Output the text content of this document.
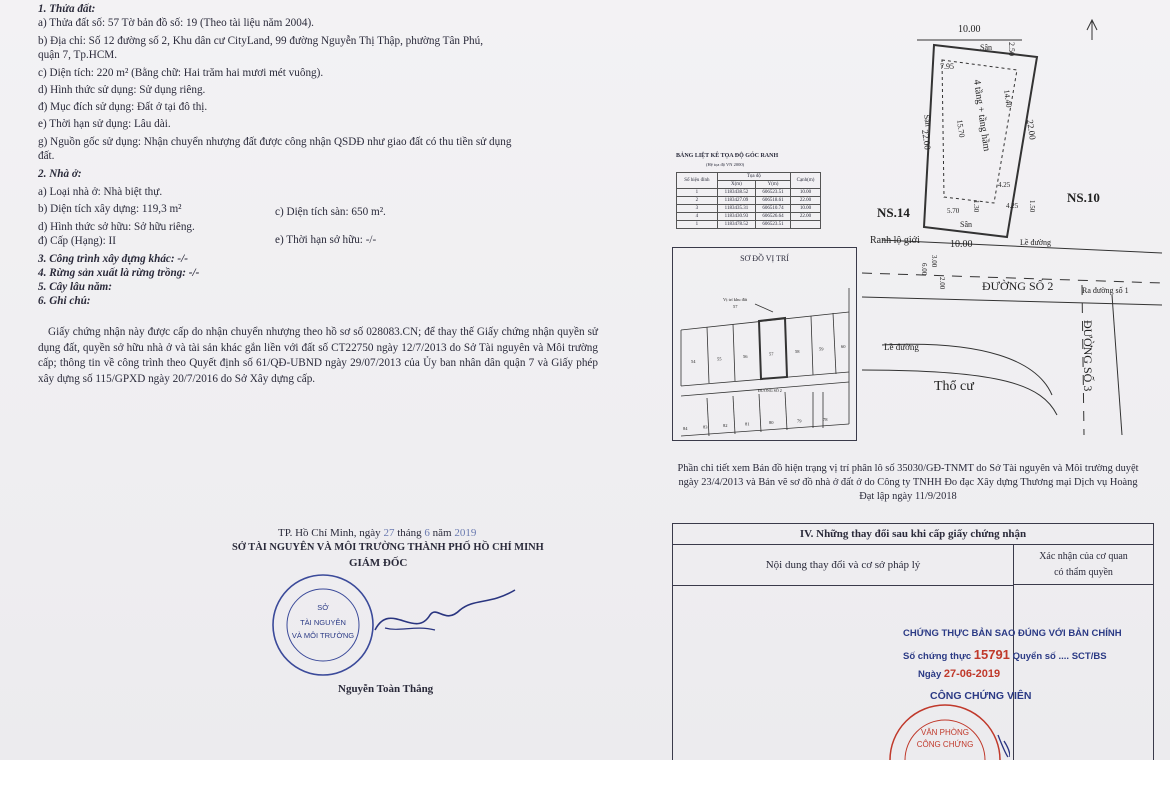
1. Thửa đất:
a) Thửa đất số: 57 Tờ bản đồ số: 19 (Theo tài liệu năm 2004).
b) Địa chỉ: Số 12 đường số 2, Khu dân cư CityLand, 99 đường Nguyễn Thị Thập, phường Tân Phú,
quận 7, Tp.HCM.
c) Diện tích: 220 m² (Bằng chữ: Hai trăm hai mươi mét vuông).
d) Hình thức sử dụng: Sử dụng riêng.
đ) Mục đích sử dụng: Đất ở tại đô thị.
e) Thời hạn sử dụng: Lâu dài.
g) Nguồn gốc sử dụng: Nhận chuyển nhượng đất được công nhận QSDĐ như giao đất có thu tiền sử dụng
đất.
2. Nhà ở:
a) Loại nhà ở: Nhà biệt thự.
b) Diện tích xây dựng: 119,3 m²
d) Hình thức sở hữu: Sở hữu riêng.
đ) Cấp (Hạng): II
3. Công trình xây dựng khác: -/-
4. Rừng sản xuất là rừng trồng: -/-
5. Cây lâu năm:
6. Ghi chú:
c) Diện tích sàn: 650 m².
e) Thời hạn sở hữu: -/-
Giấy chứng nhận này được cấp do nhận chuyển nhượng theo hồ sơ số 028083.CN; để thay thế Giấy chứng nhận quyền sử dụng đất, quyền sở hữu nhà ở và tài sản khác gắn liền với đất số CT22750 ngày 12/7/2013 do Sở Tài nguyên và Môi trường cấp; thông tin về công trình theo Quyết định số 61/QĐ-UBND ngày 29/07/2013 của Ủy ban nhân dân quận 7 và Giấy phép xây dựng số 115/GPXD ngày 20/7/2016 do Sở Xây dựng cấp.
TP. Hồ Chí Minh, ngày 27 tháng 6 năm 2019
SỞ TÀI NGUYÊN VÀ MÔI TRƯỜNG THÀNH PHỐ HỒ CHÍ MINH
GIÁM ĐỐC
Nguyễn Toàn Thắng
SỞ
TÀI NGUYÊN
VÀ MÔI TRƯỜNG
BẢNG LIỆT KÊ TỌA ĐỘ GÓC RANH
(Hệ tọa độ VN 2000)
Số hiệu đỉnh	Tọa độ		Cạnh(m)
	X(m)	Y(m)	
1	1183438.52	606523.51	10.00
2	1183427.09	606518.61	22.00
3	1183435.31	606510.74	10.00
4	1183430.93	606526.64	22.00
1	1183478.52	606523.51	
SƠ ĐỒ VỊ TRÍ
Vị trí khu đất
57
ĐƯỜNG SỐ 2
54	55	56	57	58	59	60
84	83	82	81	80	79	78
10.00
2.50
Sân
7.95
4 tầng + tầng hầm 14.40
15.70
22.00	22.00
Sân
4.25
4.25
5.70 1.30	1.50
Sân
NS.14
NS.10
Ranh lộ giới	10.00	Lề đường
6.00
3.00
2.00	ĐƯỜNG SỐ 2	Ra đường số 1
Lề đường
Thổ cư	ĐƯỜNG SỐ 3
Phần chi tiết xem Bản đồ hiện trạng vị trí phân lô số 35030/GĐ-TNMT do Sở Tài nguyên và Môi trường duyệt ngày 23/4/2013 và Bản vẽ sơ đồ nhà ở đất ở do Công ty TNHH Đo đạc Xây dựng Thương mại Dịch vụ Hoàng Đạt lập ngày 11/9/2018
IV. Những thay đổi sau khi cấp giấy chứng nhận
Nội dung thay đổi và cơ sở pháp lý
Xác nhận của cơ quan
có thẩm quyền
CHỨNG THỰC BẢN SAO ĐÚNG VỚI BẢN CHÍNH
Số chứng thực 15791 Quyển số .... SCT/BS
Ngày 27-06-2019
CÔNG CHỨNG VIÊN
VĂN PHÒNG
CÔNG CHỨNG
